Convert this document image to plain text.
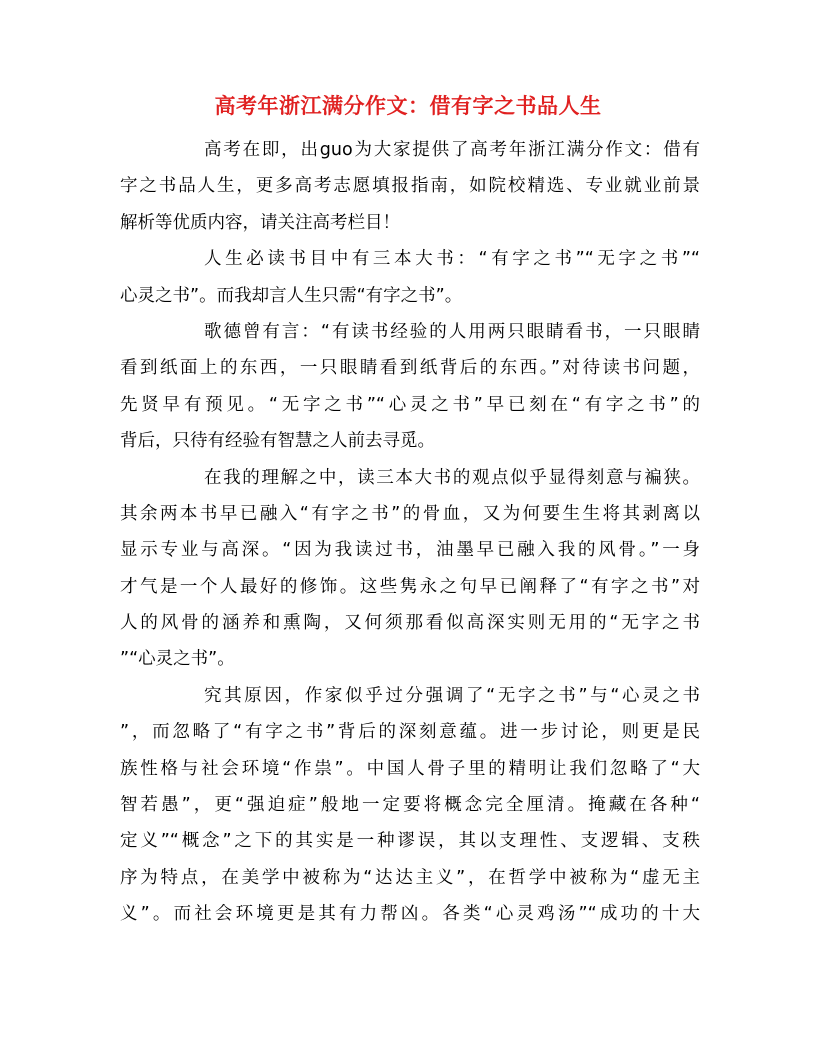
高考年浙江满分作文：借有字之书品人生
高考在即，出guo为大家提供了高考年浙江满分作文：借有
字之书品人生，更多高考志愿填报指南，如院校精选、专业就业前景
解析等优质内容，请关注高考栏目！
人生必读书目中有三本大书：“有字之书”“无字之书”“
心灵之书”。而我却言人生只需“有字之书”。
歌德曾有言：“有读书经验的人用两只眼睛看书，一只眼睛
看到纸面上的东西，一只眼睛看到纸背后的东西。”对待读书问题，
先贤早有预见。“无字之书”“心灵之书”早已刻在“有字之书”的
背后，只待有经验有智慧之人前去寻觅。
在我的理解之中，读三本大书的观点似乎显得刻意与褊狭。
其余两本书早已融入“有字之书”的骨血，又为何要生生将其剥离以
显示专业与高深。“因为我读过书，油墨早已融入我的风骨。”一身
才气是一个人最好的修饰。这些隽永之句早已阐释了“有字之书”对
人的风骨的涵养和熏陶，又何须那看似高深实则无用的“无字之书
”“心灵之书”。
究其原因，作家似乎过分强调了“无字之书”与“心灵之书
”，而忽略了“有字之书”背后的深刻意蕴。进一步讨论，则更是民
族性格与社会环境“作祟”。中国人骨子里的精明让我们忽略了“大
智若愚”，更“强迫症”般地一定要将概念完全厘清。掩藏在各种“
定义”“概念”之下的其实是一种谬误，其以支理性、支逻辑、支秩
序为特点，在美学中被称为“达达主义”，在哲学中被称为“虚无主
义”。而社会环境更是其有力帮凶。各类“心灵鸡汤”“成功的十大
